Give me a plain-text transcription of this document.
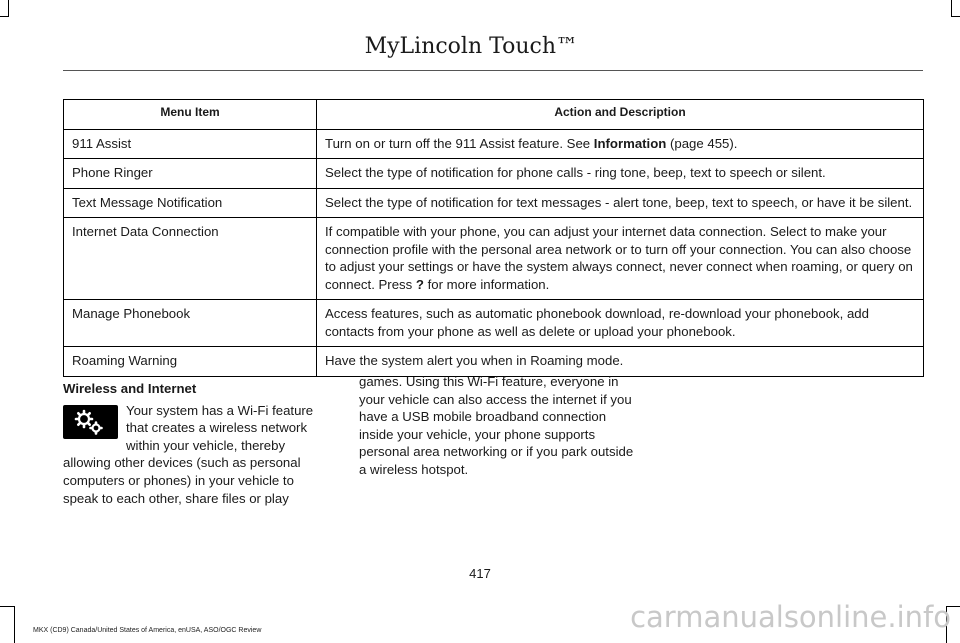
MyLincoln Touch™
Menu Item	Action and Description
911 Assist	Turn on or turn off the 911 Assist feature. See Information (page 455).
Phone Ringer	Select the type of notification for phone calls - ring tone, beep, text to speech or silent.
Text Message Notification	Select the type of notification for text messages - alert tone, beep, text to speech, or have it be silent.
Internet Data Connection	If compatible with your phone, you can adjust your internet data connection. Select to make your connection profile with the personal area network or to turn off your connection. You can also choose to adjust your settings or have the system always connect, never connect when roaming, or query on connect. Press ? for more information.
Manage Phonebook	Access features, such as automatic phonebook download, re-download your phonebook, add contacts from your phone as well as delete or upload your phonebook.
Roaming Warning	Have the system alert you when in Roaming mode.
Wireless and Internet
Your system has a Wi-Fi feature that creates a wireless network within your vehicle, thereby allowing other devices (such as personal computers or phones) in your vehicle to speak to each other, share files or play
games. Using this Wi-Fi feature, everyone in your vehicle can also access the internet if you have a USB mobile broadband connection inside your vehicle, your phone supports personal area networking or if you park outside a wireless hotspot.
417
MKX (CD9) Canada/United States of America, enUSA, ASO/OGC Review	carmanualsonline.info
